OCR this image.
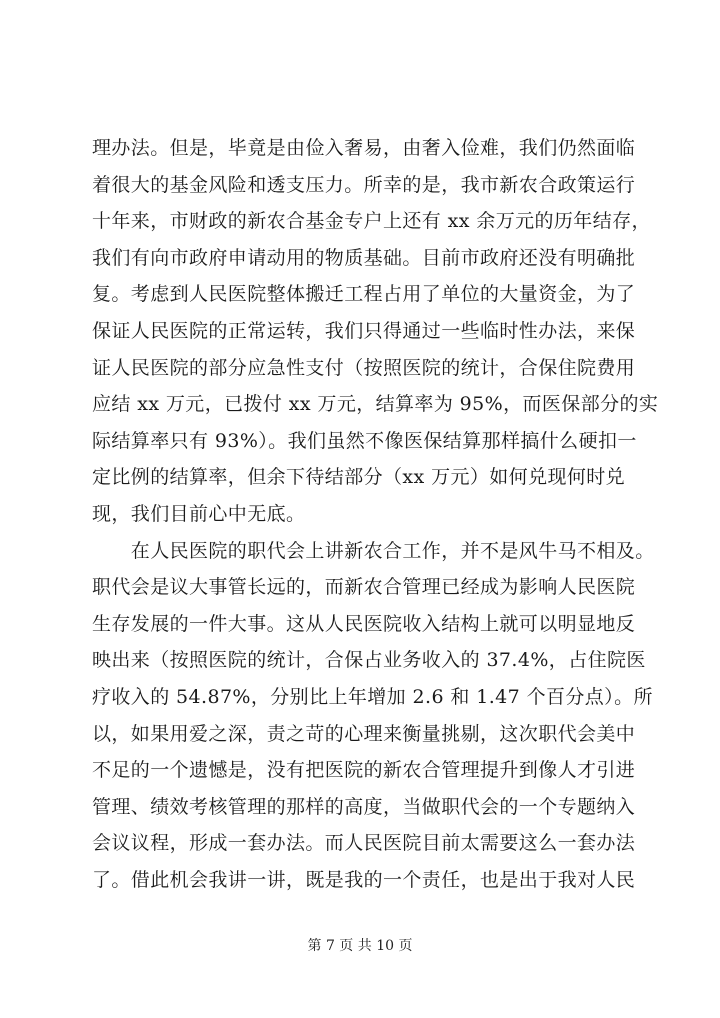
理办法。但是，毕竟是由俭入奢易，由奢入俭难，我们仍然面临
着很大的基金风险和透支压力。所幸的是，我市新农合政策运行
十年来，市财政的新农合基金专户上还有 xx 余万元的历年结存，
我们有向市政府申请动用的物质基础。目前市政府还没有明确批
复。考虑到人民医院整体搬迁工程占用了单位的大量资金，为了
保证人民医院的正常运转，我们只得通过一些临时性办法，来保
证人民医院的部分应急性支付（按照医院的统计，合保住院费用
应结 xx 万元，已拨付 xx 万元，结算率为 95%，而医保部分的实
际结算率只有 93%）。我们虽然不像医保结算那样搞什么硬扣一
定比例的结算率，但余下待结部分（xx 万元）如何兑现何时兑
现，我们目前心中无底。
　　在人民医院的职代会上讲新农合工作，并不是风牛马不相及。
职代会是议大事管长远的，而新农合管理已经成为影响人民医院
生存发展的一件大事。这从人民医院收入结构上就可以明显地反
映出来（按照医院的统计，合保占业务收入的 37.4%，占住院医
疗收入的 54.87%，分别比上年增加 2.6 和 1.47 个百分点）。所
以，如果用爱之深，责之苛的心理来衡量挑剔，这次职代会美中
不足的一个遗憾是，没有把医院的新农合管理提升到像人才引进
管理、绩效考核管理的那样的高度，当做职代会的一个专题纳入
会议议程，形成一套办法。而人民医院目前太需要这么一套办法
了。借此机会我讲一讲，既是我的一个责任，也是出于我对人民
第 7 页 共 10 页
